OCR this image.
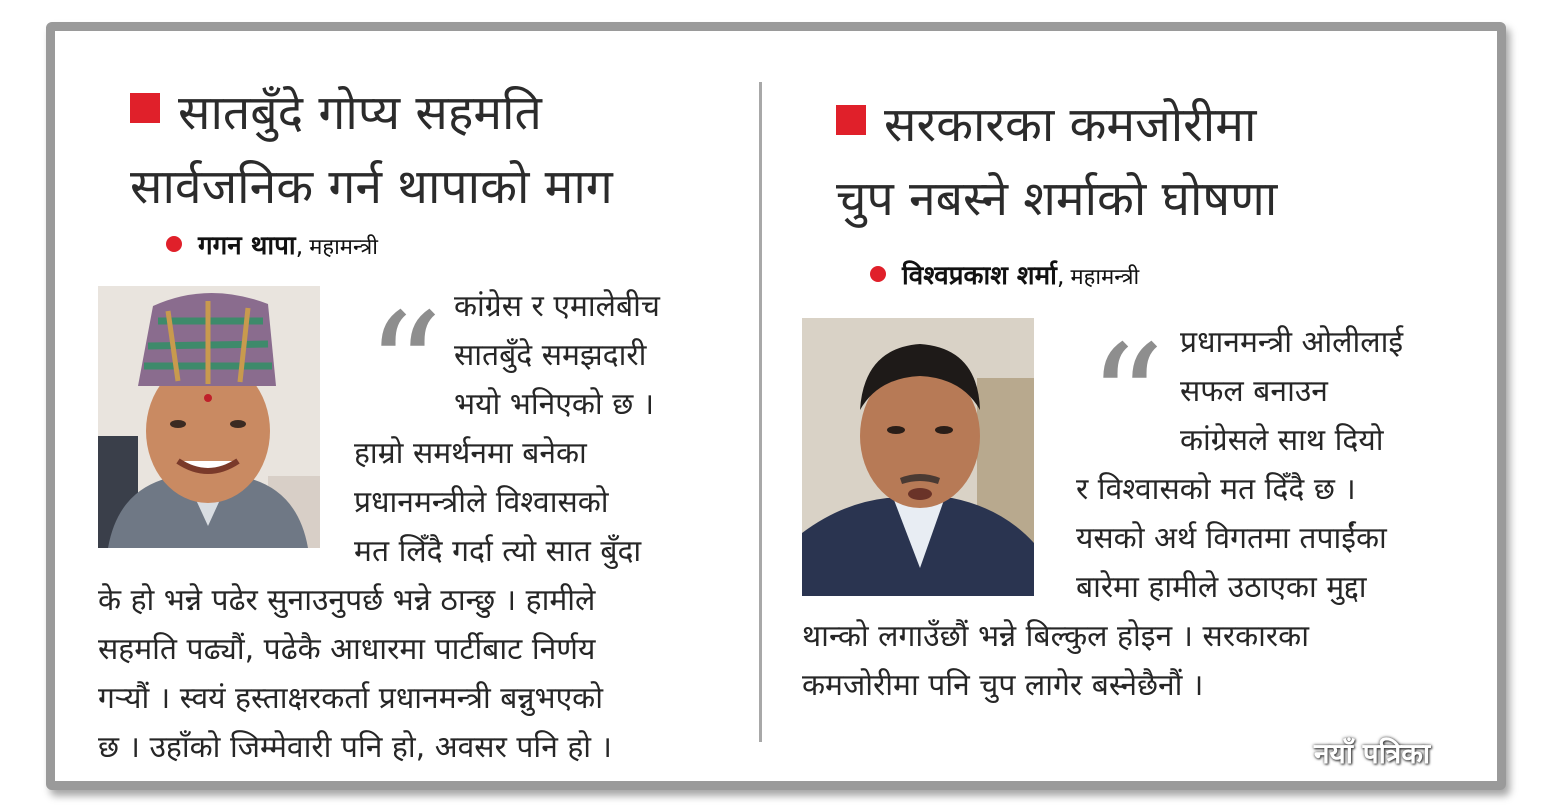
सातबुँदे गोप्य सहमति
सार्वजनिक गर्न थापाको माग
गगन थापा, महामन्त्री
“ कांग्रेस र एमालेबीच
सातबुँदे समझदारी
भयो भनिएको छ ।
हाम्रो समर्थनमा बनेका
प्रधानमन्त्रीले विश्वासको
मत लिँदै गर्दा त्यो सात बुँदा
के हो भन्ने पढेर सुनाउनुपर्छ भन्ने ठान्छु । हामीले
सहमति पढ्यौं, पढेकै आधारमा पार्टीबाट निर्णय
गर्‍यौं । स्वयं हस्ताक्षरकर्ता प्रधानमन्त्री बन्नुभएको
छ । उहाँको जिम्मेवारी पनि हो, अवसर पनि हो ।
सरकारका कमजोरीमा
चुप नबस्ने शर्माको घोषणा
विश्वप्रकाश शर्मा, महामन्त्री
“ प्रधानमन्त्री ओलीलाई
सफल बनाउन
कांग्रेसले साथ दियो
र विश्वासको मत दिँदै छ ।
यसको अर्थ विगतमा तपाईंका
बारेमा हामीले उठाएका मुद्दा
थान्को लगाउँछौं भन्ने बिल्कुल होइन । सरकारका
कमजोरीमा पनि चुप लागेर बस्नेछैनौं ।
नयाँ पत्रिका
